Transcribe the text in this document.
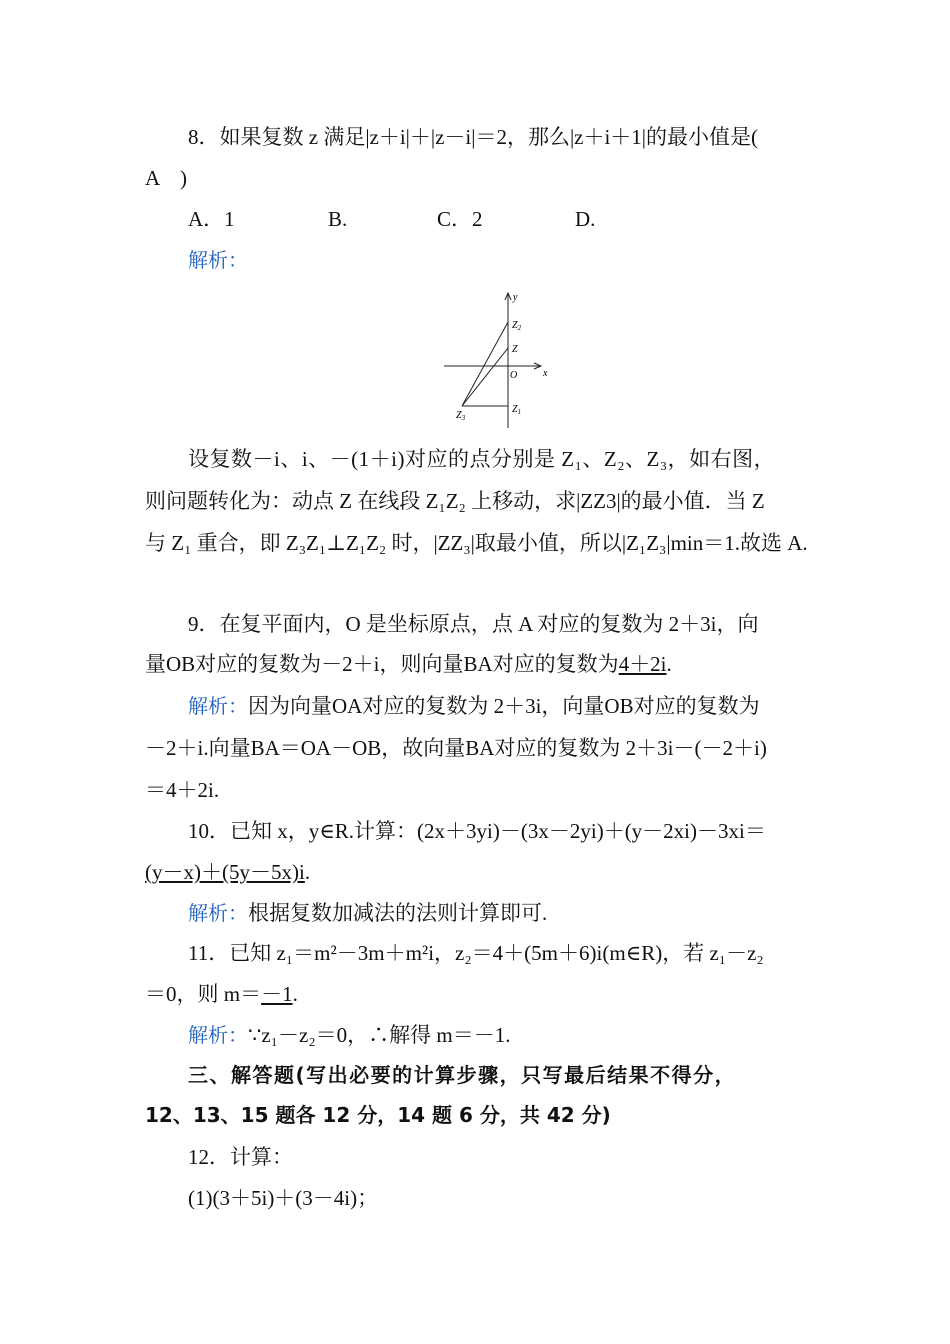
8．如果复数 z 满足|z＋i|＋|z－i|＝2，那么|z＋i＋1|的最小值是(
A　)
A．1	B.	C．2	D.
解析：
y
x
O
$Z_2$
Z
$Z_1$
$Z_3$
设复数－i、i、－(1＋i)对应的点分别是 Z₁、Z₂、Z₃，如右图，
则问题转化为：动点 Z 在线段 Z₁Z₂ 上移动，求|ZZ3|的最小值．当 Z
与 Z₁ 重合，即 Z₃Z₁⊥Z₁Z₂ 时，|ZZ₃|取最小值，所以|Z₁Z₃|min＝1.故选 A.
9．在复平面内，O 是坐标原点，点 A 对应的复数为 2＋3i，向
量OB对应的复数为－2＋i，则向量BA对应的复数为4＋2i.
解析：因为向量OA对应的复数为 2＋3i，向量OB对应的复数为
－2＋i.向量BA＝OA－OB，故向量BA对应的复数为 2＋3i－(－2＋i)
＝4＋2i.
10．已知 x，y∈R.计算：(2x＋3yi)－(3x－2yi)＋(y－2xi)－3xi＝
(y－x)＋(5y－5x)i.
解析：根据复数加减法的法则计算即可.
11．已知 z₁＝m²－3m＋m²i，z₂＝4＋(5m＋6)i(m∈R)，若 z₁－z₂
＝0，则 m＝－1.
解析：∵z₁－z₂＝0，∴解得 m＝－1.
三、解答题(写出必要的计算步骤，只写最后结果不得分，
12、13、15 题各 12 分，14 题 6 分，共 42 分)
12．计算：
(1)(3＋5i)＋(3－4i)；
